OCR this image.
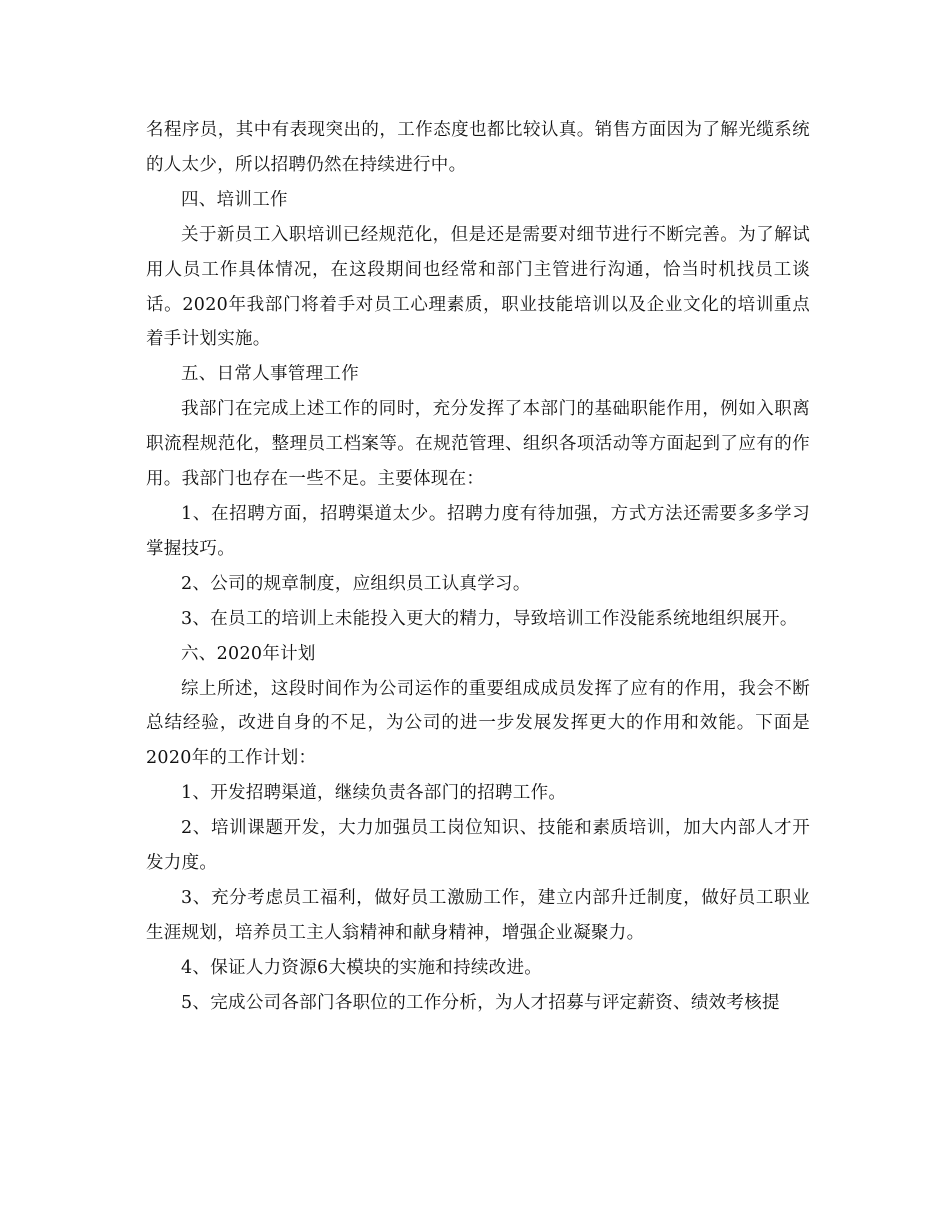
名程序员，其中有表现突出的，工作态度也都比较认真。销售方面因为了解光缆系统的人太少，所以招聘仍然在持续进行中。

四、培训工作

关于新员工入职培训已经规范化，但是还是需要对细节进行不断完善。为了解试用人员工作具体情况，在这段期间也经常和部门主管进行沟通，恰当时机找员工谈话。2020年我部门将着手对员工心理素质，职业技能培训以及企业文化的培训重点着手计划实施。

五、日常人事管理工作

我部门在完成上述工作的同时，充分发挥了本部门的基础职能作用，例如入职离职流程规范化，整理员工档案等。在规范管理、组织各项活动等方面起到了应有的作用。我部门也存在一些不足。主要体现在：

1、在招聘方面，招聘渠道太少。招聘力度有待加强，方式方法还需要多多学习掌握技巧。

2、公司的规章制度，应组织员工认真学习。

3、在员工的培训上未能投入更大的精力，导致培训工作没能系统地组织展开。

六、2020年计划

综上所述，这段时间作为公司运作的重要组成成员发挥了应有的作用，我会不断总结经验，改进自身的不足，为公司的进一步发展发挥更大的作用和效能。下面是2020年的工作计划：

1、开发招聘渠道，继续负责各部门的招聘工作。

2、培训课题开发，大力加强员工岗位知识、技能和素质培训，加大内部人才开发力度。

3、充分考虑员工福利，做好员工激励工作，建立内部升迁制度，做好员工职业生涯规划，培养员工主人翁精神和献身精神，增强企业凝聚力。

4、保证人力资源6大模块的实施和持续改进。

5、完成公司各部门各职位的工作分析，为人才招募与评定薪资、绩效考核提
